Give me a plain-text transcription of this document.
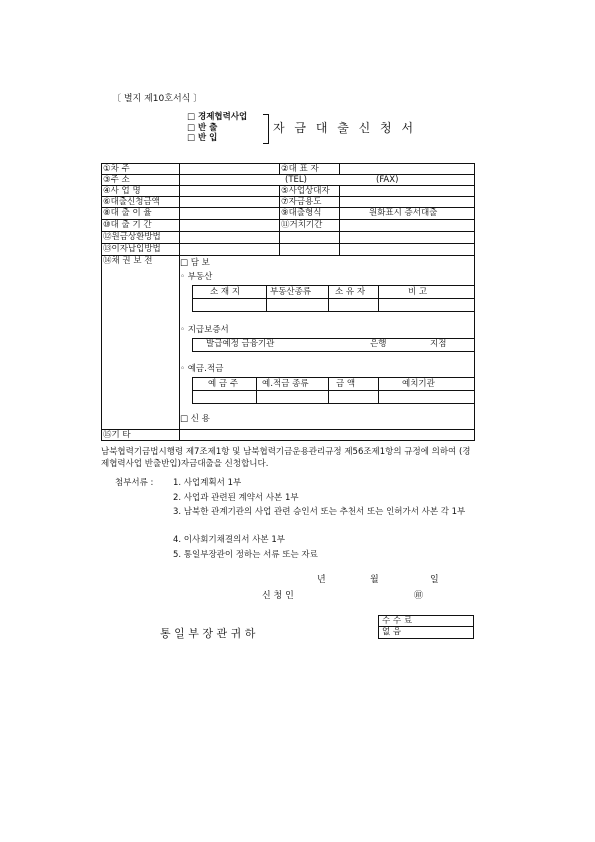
〔 별지 제10호서식 〕
□ 경제협력사업
□ 반 출
□ 반 입
자 금 대 출 신 청 서
①차 주	②대 표 자
③주 소	(TEL)	(FAX)
④사 업 명	⑤사업상대자
⑥대출신청금액	⑦자금용도
⑧대 출 이 율	⑨대출형식	원화표시 증서대출
⑩대 출 기 간	⑪거치기간
⑫원금상환방법
⑬이자납입방법
⑭채 권 보 전	□ 담 보
◦ 부동산
소 재 지	부동산종류	소 유 자	비 고
◦ 지급보증서
발급예정 금융기관	은행	지점
◦ 예금․적금
예 금 주	예․적금 종류	금 액	예치기관
□ 신 용
⑮기 타
남북협력기금법시행령 제7조제1항 및 남북협력기금운용관리규정 제56조제1항의 규정에 의하여 (경제협력사업 반출반입)자금대출을 신청합니다.
첨부서류 : 1. 사업계획서 1부
2. 사업과 관련된 계약서 사본 1부
3. 남북한 관계기관의 사업 관련 승인서 또는 추천서 또는 인허가서 사본 각 1부
4. 이사회기채결의서 사본 1부
5. 통일부장관이 정하는 서류 또는 자료
년	월	일
신 청 인	㊞
통 일 부 장 관 귀 하
수 수 료
없 음
